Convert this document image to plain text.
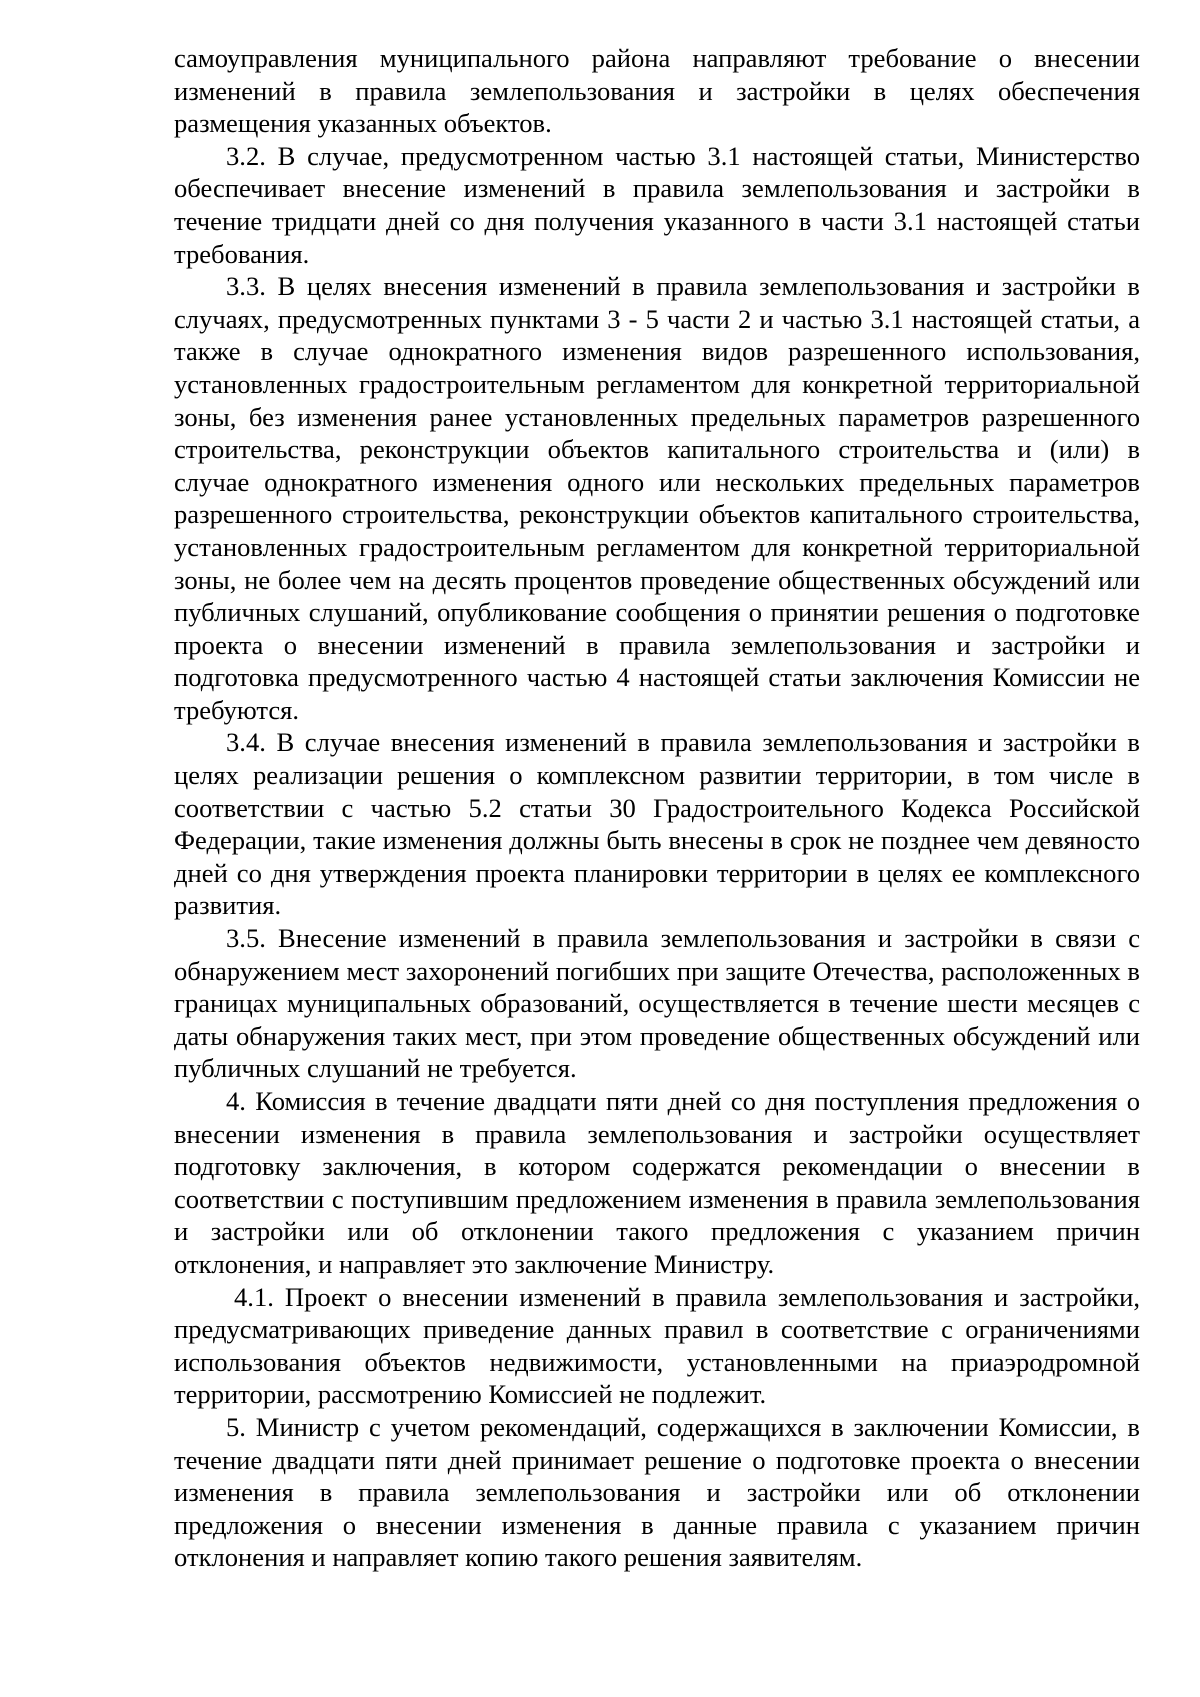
самоуправления муниципального района направляют требование о внесении изменений в правила землепользования и застройки в целях обеспечения размещения указанных объектов.

3.2. В случае, предусмотренном частью 3.1 настоящей статьи, Министерство обеспечивает внесение изменений в правила землепользования и застройки в течение тридцати дней со дня получения указанного в части 3.1 настоящей статьи требования.

3.3. В целях внесения изменений в правила землепользования и застройки в случаях, предусмотренных пунктами 3 - 5 части 2 и частью 3.1 настоящей статьи, а также в случае однократного изменения видов разрешенного использования, установленных градостроительным регламентом для конкретной территориальной зоны, без изменения ранее установленных предельных параметров разрешенного строительства, реконструкции объектов капитального строительства и (или) в случае однократного изменения одного или нескольких предельных параметров разрешенного строительства, реконструкции объектов капитального строительства, установленных градостроительным регламентом для конкретной территориальной зоны, не более чем на десять процентов проведение общественных обсуждений или публичных слушаний, опубликование сообщения о принятии решения о подготовке проекта о внесении изменений в правила землепользования и застройки и подготовка предусмотренного частью 4 настоящей статьи заключения Комиссии не требуются.

3.4. В случае внесения изменений в правила землепользования и застройки в целях реализации решения о комплексном развитии территории, в том числе в соответствии с частью 5.2 статьи 30 Градостроительного Кодекса Российской Федерации, такие изменения должны быть внесены в срок не позднее чем девяносто дней со дня утверждения проекта планировки территории в целях ее комплексного развития.

3.5. Внесение изменений в правила землепользования и застройки в связи с обнаружением мест захоронений погибших при защите Отечества, расположенных в границах муниципальных образований, осуществляется в течение шести месяцев с даты обнаружения таких мест, при этом проведение общественных обсуждений или публичных слушаний не требуется.

4. Комиссия в течение двадцати пяти дней со дня поступления предложения о внесении изменения в правила землепользования и застройки осуществляет подготовку заключения, в котором содержатся рекомендации о внесении в соответствии с поступившим предложением изменения в правила землепользования и застройки или об отклонении такого предложения с указанием причин отклонения, и направляет это заключение Министру.

4.1. Проект о внесении изменений в правила землепользования и застройки, предусматривающих приведение данных правил в соответствие с ограничениями использования объектов недвижимости, установленными на приаэродромной территории, рассмотрению Комиссией не подлежит.

5. Министр с учетом рекомендаций, содержащихся в заключении Комиссии, в течение двадцати пяти дней принимает решение о подготовке проекта о внесении изменения в правила землепользования и застройки или об отклонении предложения о внесении изменения в данные правила с указанием причин отклонения и направляет копию такого решения заявителям.
